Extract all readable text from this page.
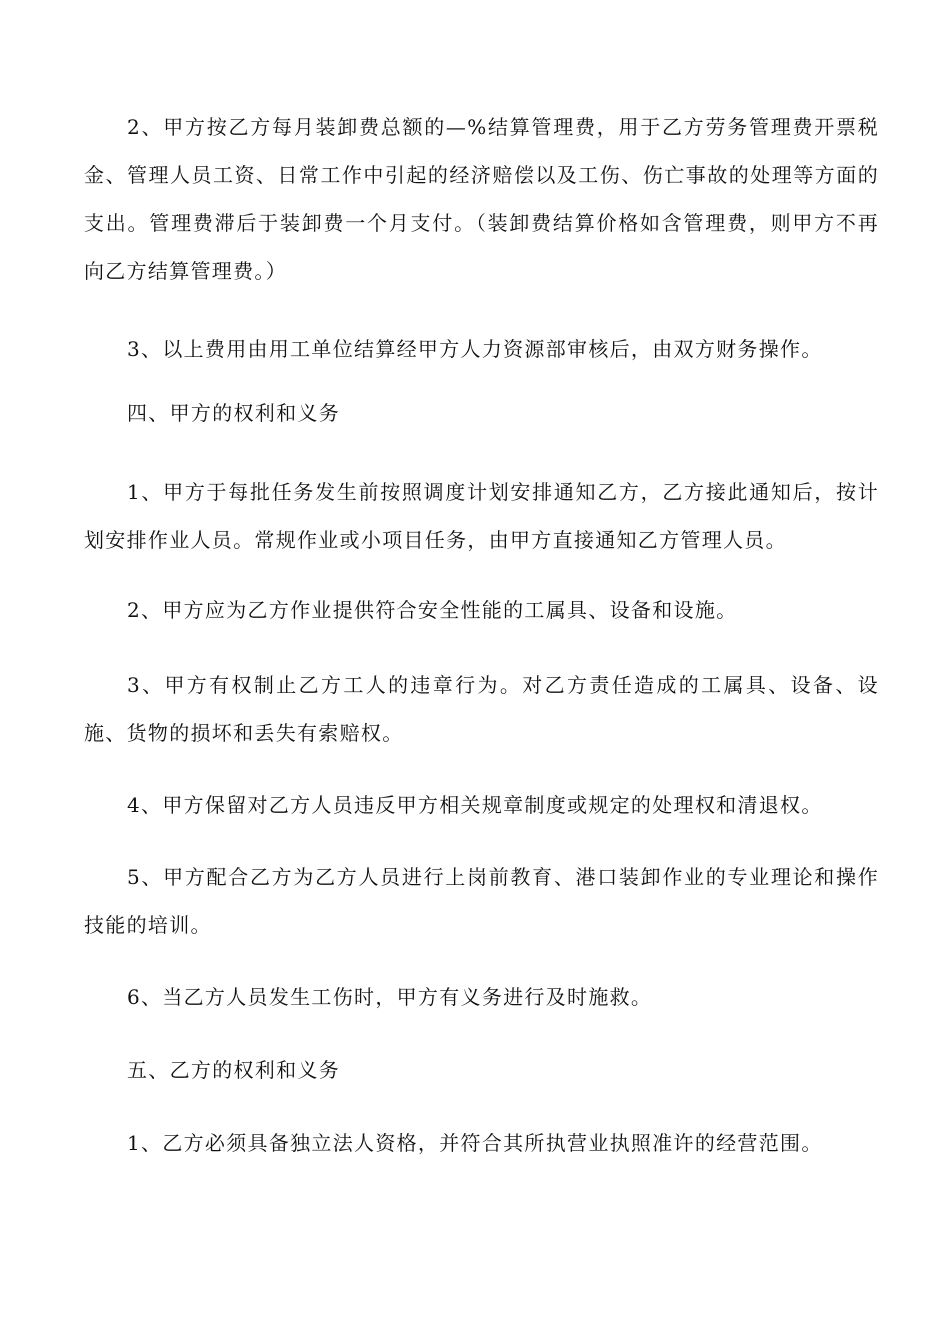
2、甲方按乙方每月装卸费总额的—%结算管理费，用于乙方劳务管理费开票税金、管理人员工资、日常工作中引起的经济赔偿以及工伤、伤亡事故的处理等方面的支出。管理费滞后于装卸费一个月支付。（装卸费结算价格如含管理费，则甲方不再向乙方结算管理费。）

3、以上费用由用工单位结算经甲方人力资源部审核后，由双方财务操作。

四、甲方的权利和义务

1、甲方于每批任务发生前按照调度计划安排通知乙方，乙方接此通知后，按计划安排作业人员。常规作业或小项目任务，由甲方直接通知乙方管理人员。

2、甲方应为乙方作业提供符合安全性能的工属具、设备和设施。

3、甲方有权制止乙方工人的违章行为。对乙方责任造成的工属具、设备、设施、货物的损坏和丢失有索赔权。

4、甲方保留对乙方人员违反甲方相关规章制度或规定的处理权和清退权。

5、甲方配合乙方为乙方人员进行上岗前教育、港口装卸作业的专业理论和操作技能的培训。

6、当乙方人员发生工伤时，甲方有义务进行及时施救。

五、乙方的权利和义务

1、乙方必须具备独立法人资格，并符合其所执营业执照准许的经营范围。
